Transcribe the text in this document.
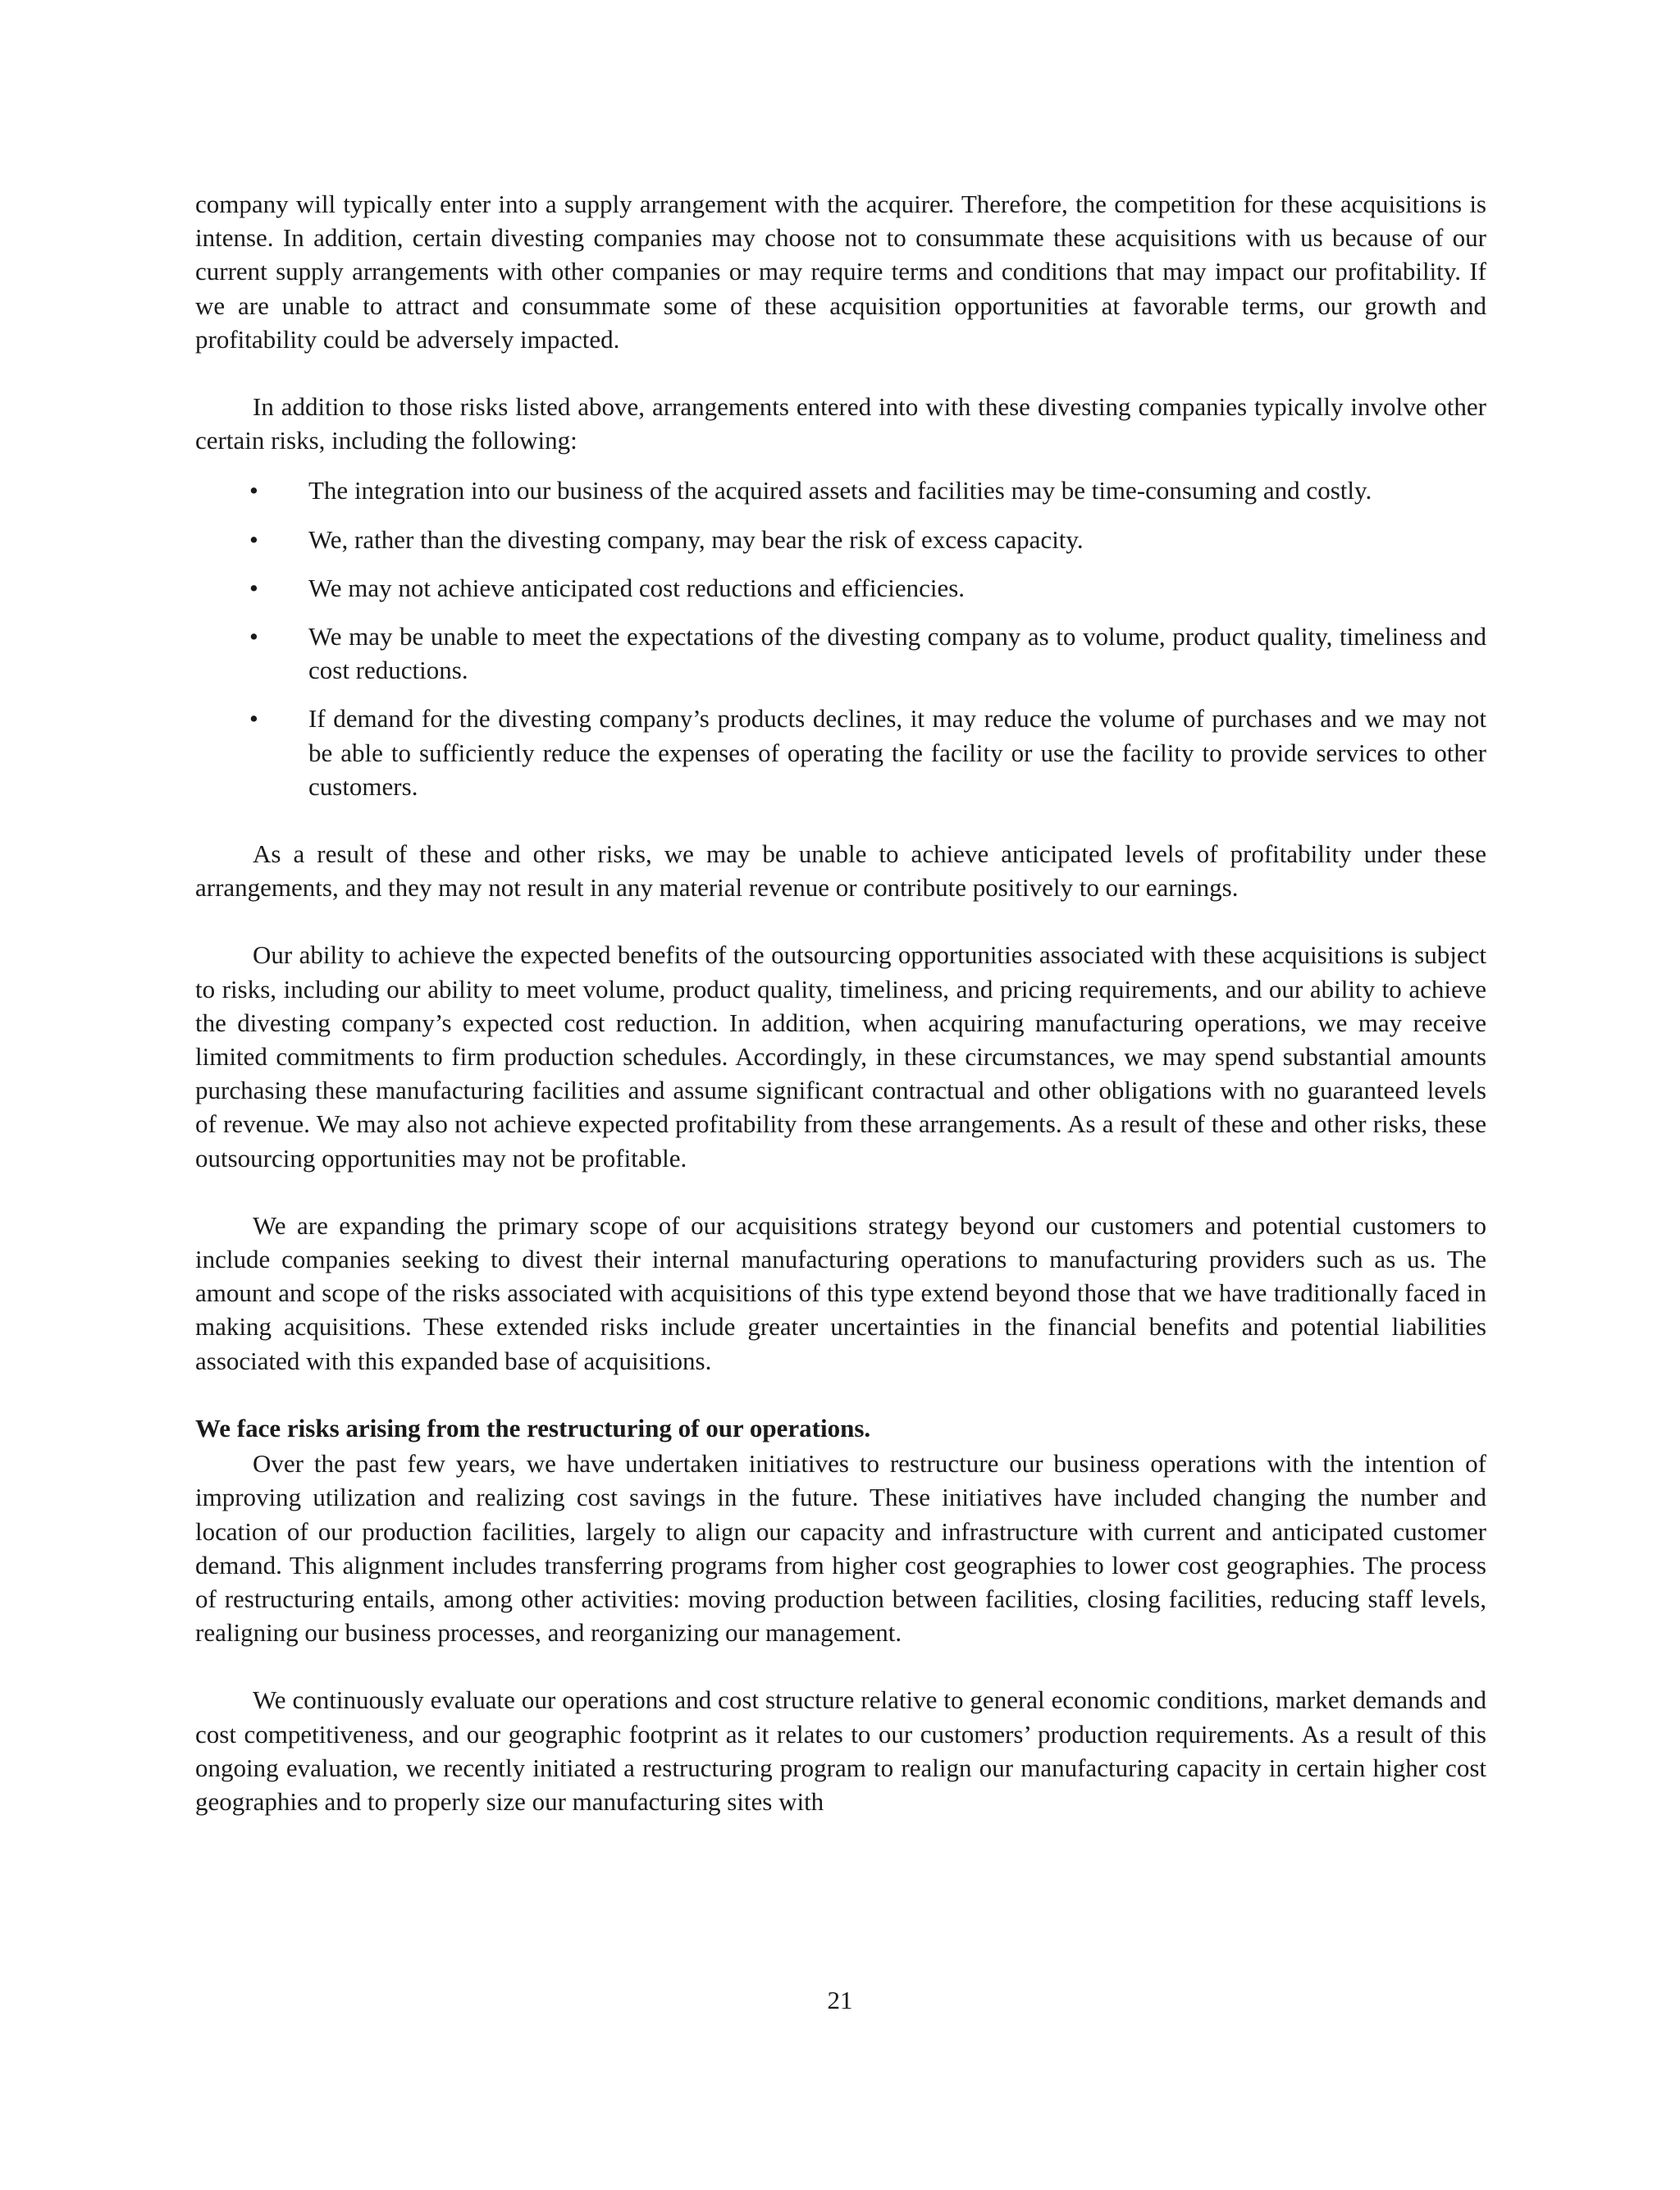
company will typically enter into a supply arrangement with the acquirer. Therefore, the competition for these acquisitions is intense. In addition, certain divesting companies may choose not to consummate these acquisitions with us because of our current supply arrangements with other companies or may require terms and conditions that may impact our profitability. If we are unable to attract and consummate some of these acquisition opportunities at favorable terms, our growth and profitability could be adversely impacted.

In addition to those risks listed above, arrangements entered into with these divesting companies typically involve other certain risks, including the following:

• The integration into our business of the acquired assets and facilities may be time-consuming and costly.
• We, rather than the divesting company, may bear the risk of excess capacity.
• We may not achieve anticipated cost reductions and efficiencies.
• We may be unable to meet the expectations of the divesting company as to volume, product quality, timeliness and cost reductions.
• If demand for the divesting company’s products declines, it may reduce the volume of purchases and we may not be able to sufficiently reduce the expenses of operating the facility or use the facility to provide services to other customers.

As a result of these and other risks, we may be unable to achieve anticipated levels of profitability under these arrangements, and they may not result in any material revenue or contribute positively to our earnings.

Our ability to achieve the expected benefits of the outsourcing opportunities associated with these acquisitions is subject to risks, including our ability to meet volume, product quality, timeliness, and pricing requirements, and our ability to achieve the divesting company’s expected cost reduction. In addition, when acquiring manufacturing operations, we may receive limited commitments to firm production schedules. Accordingly, in these circumstances, we may spend substantial amounts purchasing these manufacturing facilities and assume significant contractual and other obligations with no guaranteed levels of revenue. We may also not achieve expected profitability from these arrangements. As a result of these and other risks, these outsourcing opportunities may not be profitable.

We are expanding the primary scope of our acquisitions strategy beyond our customers and potential customers to include companies seeking to divest their internal manufacturing operations to manufacturing providers such as us. The amount and scope of the risks associated with acquisitions of this type extend beyond those that we have traditionally faced in making acquisitions. These extended risks include greater uncertainties in the financial benefits and potential liabilities associated with this expanded base of acquisitions.

We face risks arising from the restructuring of our operations.

Over the past few years, we have undertaken initiatives to restructure our business operations with the intention of improving utilization and realizing cost savings in the future. These initiatives have included changing the number and location of our production facilities, largely to align our capacity and infrastructure with current and anticipated customer demand. This alignment includes transferring programs from higher cost geographies to lower cost geographies. The process of restructuring entails, among other activities: moving production between facilities, closing facilities, reducing staff levels, realigning our business processes, and reorganizing our management.

We continuously evaluate our operations and cost structure relative to general economic conditions, market demands and cost competitiveness, and our geographic footprint as it relates to our customers’ production requirements. As a result of this ongoing evaluation, we recently initiated a restructuring program to realign our manufacturing capacity in certain higher cost geographies and to properly size our manufacturing sites with

21
